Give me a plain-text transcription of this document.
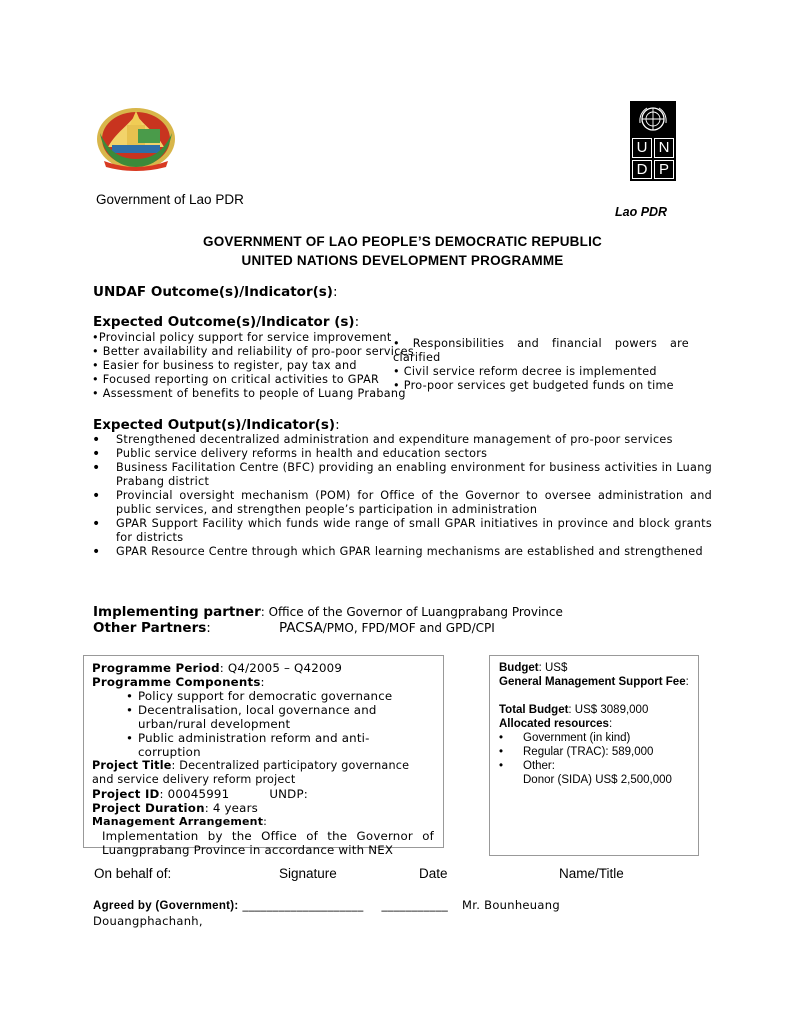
U N
D P
Government of Lao PDR
Lao PDR
GOVERNMENT OF LAO PEOPLE’S DEMOCRATIC REPUBLIC
UNITED NATIONS DEVELOPMENT PROGRAMME
UNDAF Outcome(s)/Indicator(s):
Expected Outcome(s)/Indicator (s):
•Provincial policy support for service improvement
• Better availability and reliability of pro-poor services
• Easier for business to register, pay tax and
• Focused reporting on critical activities to GPAR
• Assessment of benefits to people of Luang Prabang
• Responsibilities and financial powers are clarified
• Civil service reform decree is implemented
• Pro-poor services get budgeted funds on time
Expected Output(s)/Indicator(s):
• Strengthened decentralized administration and expenditure management of pro-poor services
• Public service delivery reforms in health and education sectors
• Business Facilitation Centre (BFC) providing an enabling environment for business activities in Luang Prabang district
• Provincial oversight mechanism (POM) for Office of the Governor to oversee administration and public services, and strengthen people’s participation in administration
• GPAR Support Facility which funds wide range of small GPAR initiatives in province and block grants for districts
• GPAR Resource Centre through which GPAR learning mechanisms are established and strengthened
Implementing partner: Office of the Governor of Luangprabang Province
Other Partners:	PACSA/PMO, FPD/MOF and GPD/CPI
Programme Period: Q4/2005 – Q42009
Programme Components:
• Policy support for democratic governance
• Decentralisation, local governance and urban/rural development
• Public administration reform and anti-corruption
Project Title: Decentralized participatory governance and service delivery reform project
Project ID: 00045991	UNDP:
Project Duration: 4 years
Management Arrangement:
Implementation by the Office of the Governor of Luangprabang Province in accordance with NEX
Budget: US$
General Management Support Fee:
Total Budget: US$ 3089,000
Allocated resources:
• Government (in kind)
• Regular (TRAC): 589,000
• Other:
Donor (SIDA) US$ 2,500,000
On behalf of:	Signature	Date	Name/Title
Agreed by (Government): ____________________ ___________ Mr. Bounheuang Douangphachanh,
